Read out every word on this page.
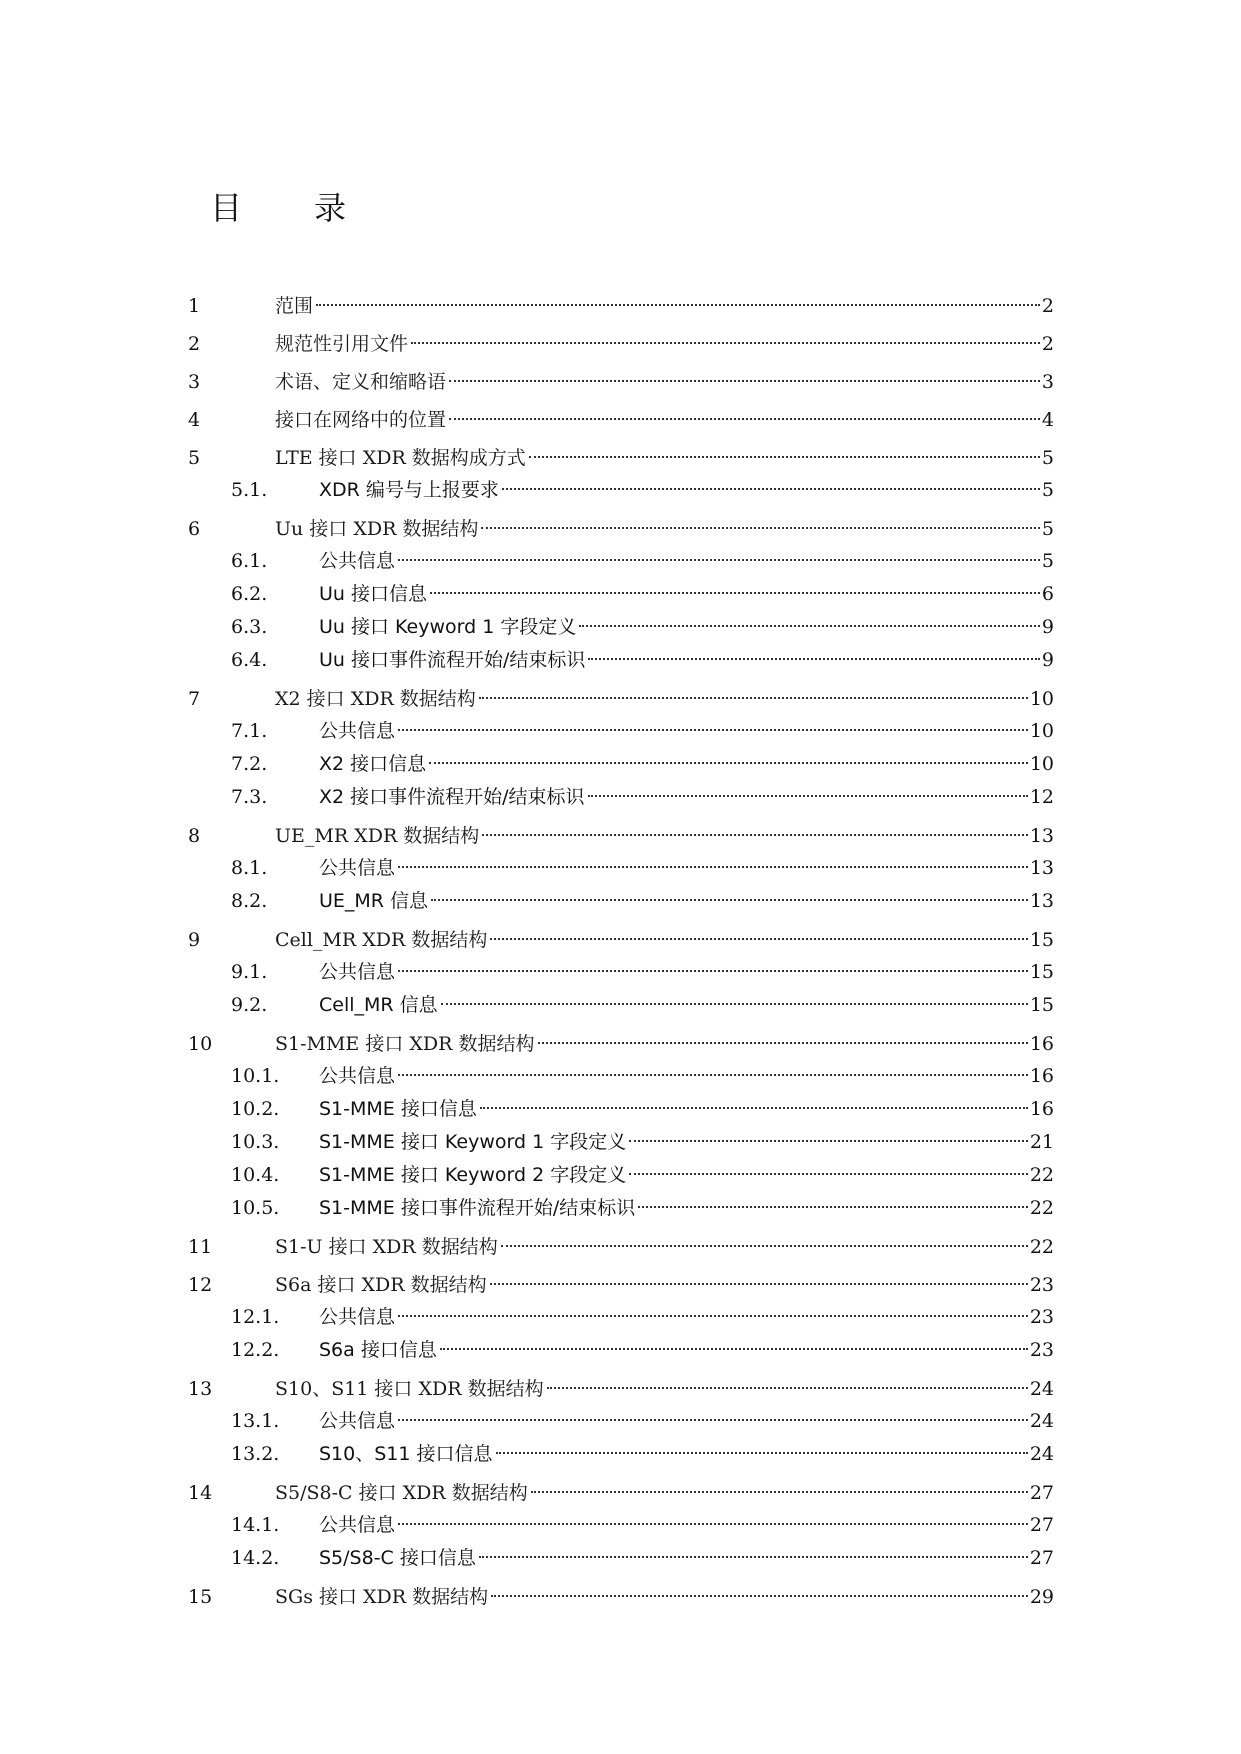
目 录
1	范围	2
2	规范性引用文件	2
3	术语、定义和缩略语	3
4	接口在网络中的位置	4
5	LTE 接口 XDR 数据构成方式	5
5.1.	XDR 编号与上报要求	5
6	Uu 接口 XDR 数据结构	5
6.1.	公共信息	5
6.2.	Uu 接口信息	6
6.3.	Uu 接口 Keyword 1 字段定义	9
6.4.	Uu 接口事件流程开始/结束标识	9
7	X2 接口 XDR 数据结构	10
7.1.	公共信息	10
7.2.	X2 接口信息	10
7.3.	X2 接口事件流程开始/结束标识	12
8	UE_MR XDR 数据结构	13
8.1.	公共信息	13
8.2.	UE_MR 信息	13
9	Cell_MR XDR 数据结构	15
9.1.	公共信息	15
9.2.	Cell_MR 信息	15
10	S1-MME 接口 XDR 数据结构	16
10.1.	公共信息	16
10.2.	S1-MME 接口信息	16
10.3.	S1-MME 接口 Keyword 1 字段定义	21
10.4.	S1-MME 接口 Keyword 2 字段定义	22
10.5.	S1-MME 接口事件流程开始/结束标识	22
11	S1-U 接口 XDR 数据结构	22
12	S6a 接口 XDR 数据结构	23
12.1.	公共信息	23
12.2.	S6a 接口信息	23
13	S10、S11 接口 XDR 数据结构	24
13.1.	公共信息	24
13.2.	S10、S11 接口信息	24
14	S5/S8-C 接口 XDR 数据结构	27
14.1.	公共信息	27
14.2.	S5/S8-C 接口信息	27
15	SGs 接口 XDR 数据结构	29
